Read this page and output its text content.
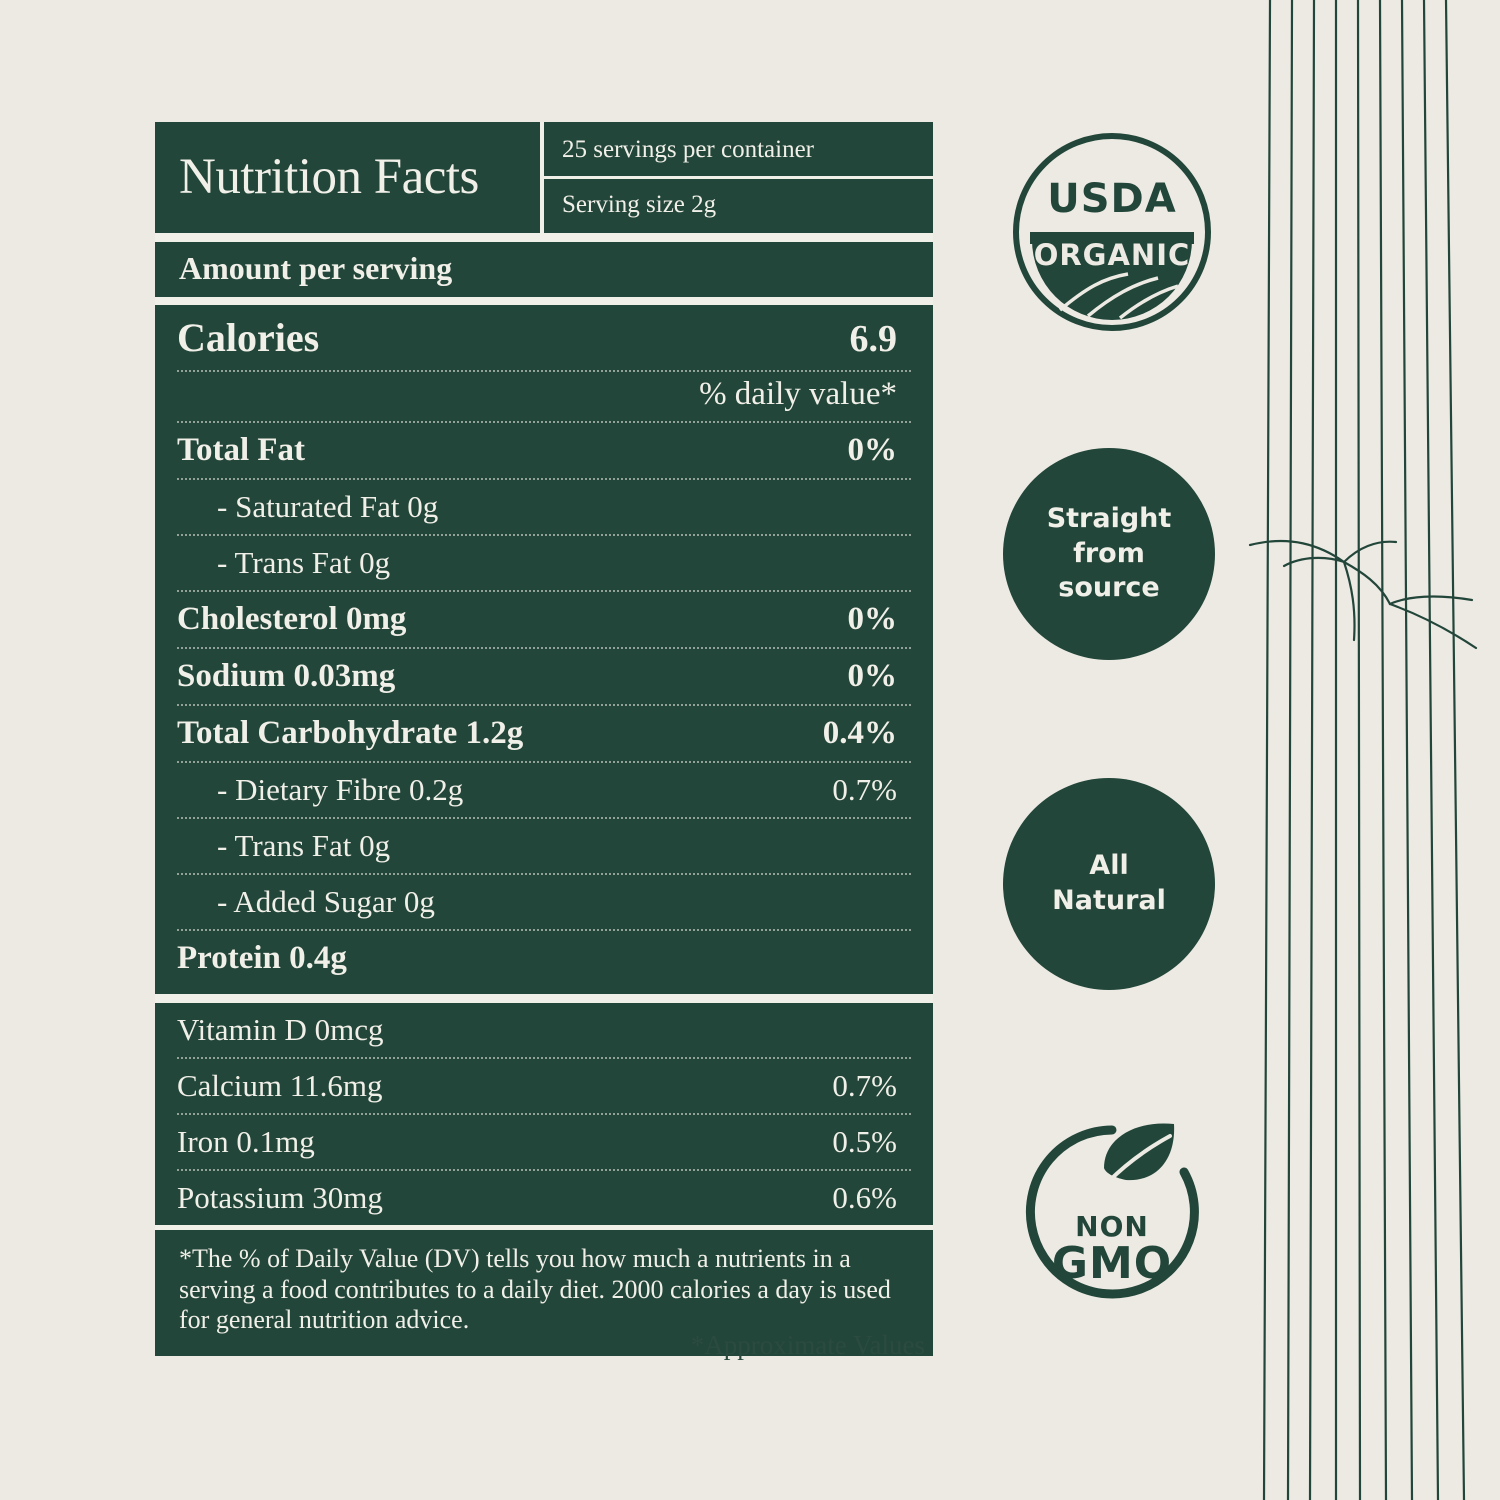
Nutrition Facts	25 servings per container
Serving size 2g
Amount per serving
Calories	6.9
% daily value*
Total Fat	0%
- Saturated Fat 0g
- Trans Fat 0g
Cholesterol 0mg	0%
Sodium 0.03mg	0%
Total Carbohydrate 1.2g	0.4%
- Dietary Fibre 0.2g	0.7%
- Trans Fat 0g
- Added Sugar 0g
Protein 0.4g
Vitamin D 0mcg
Calcium 11.6mg	0.7%
Iron 0.1mg	0.5%
Potassium 30mg	0.6%
*The % of Daily Value (DV) tells you how much a nutrients in a serving a food contributes to a daily diet. 2000 calories a day is used for general nutrition advice.
*Approximate Values
USDA
ORGANIC
Straight
from
source
All
Natural
NON
GMO
